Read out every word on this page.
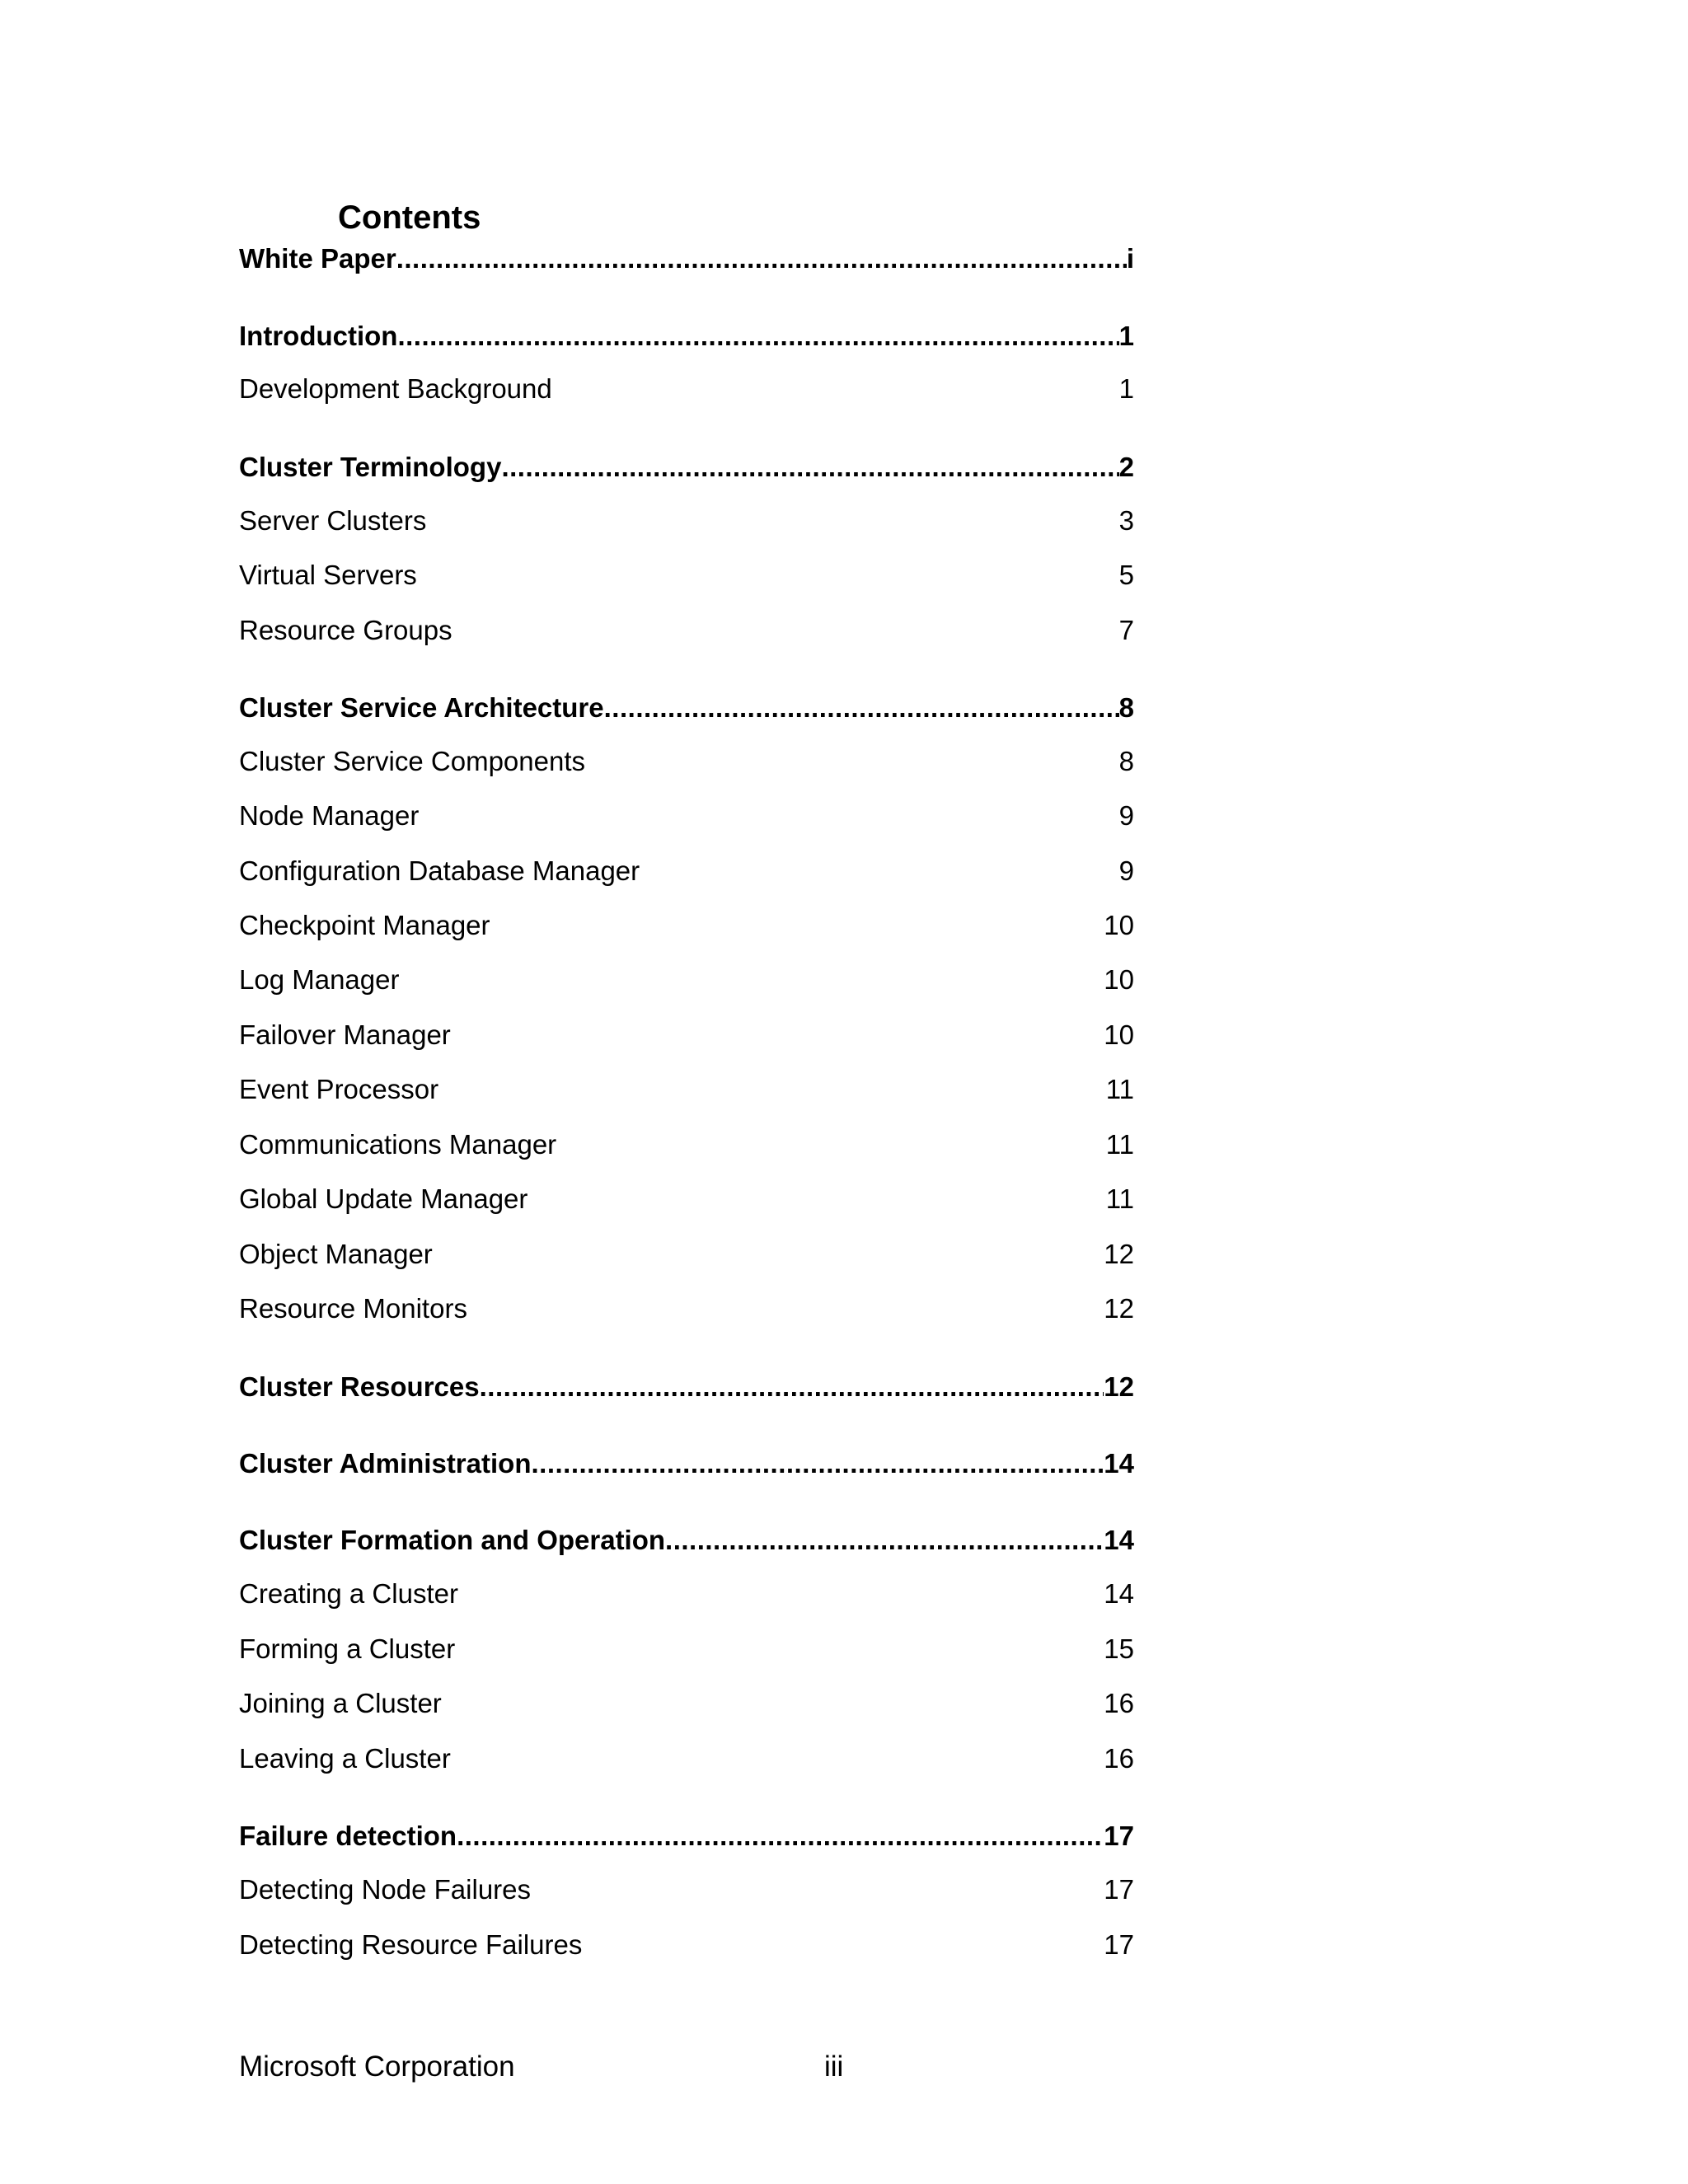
Contents
White Paper .....	i
Introduction .....	1
Development Background	1
Cluster Terminology .....	2
Server Clusters	3
Virtual Servers	5
Resource Groups	7
Cluster Service Architecture .....	8
Cluster Service Components	8
Node Manager	9
Configuration Database Manager	9
Checkpoint Manager	10
Log Manager	10
Failover Manager	10
Event Processor	11
Communications Manager	11
Global Update Manager	11
Object Manager	12
Resource Monitors	12
Cluster Resources .....	12
Cluster Administration .....	14
Cluster Formation and Operation .....	14
Creating a Cluster	14
Forming a Cluster	15
Joining a Cluster	16
Leaving a Cluster	16
Failure detection .....	17
Detecting Node Failures	17
Detecting Resource Failures	17
Microsoft Corporation	iii
